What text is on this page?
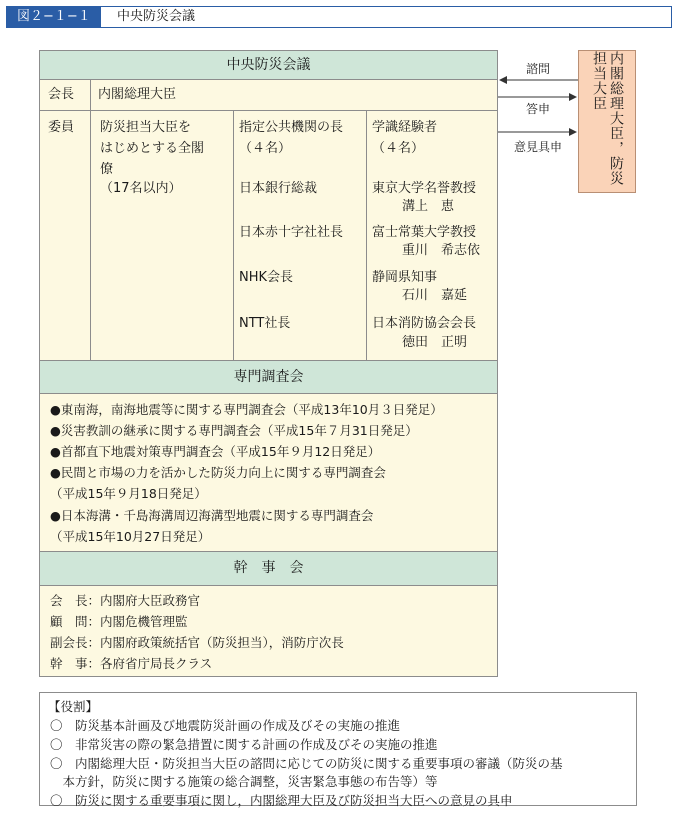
図２−１−１	中央防災会議
中央防災会議
会長 内閣総理大臣
委員 防災担当大臣を
はじめとする全閣
僚
（17名以内）
指定公共機関の長
（４名）
日本銀行総裁
日本赤十字社社長
NHK会長
NTT社長
学識経験者
（４名）
東京大学名誉教授
溝上　恵
富士常葉大学教授
重川　希志依
静岡県知事
石川　嘉延
日本消防協会会長
徳田　正明
専門調査会
●東南海，南海地震等に関する専門調査会（平成13年10月３日発足）
●災害教訓の継承に関する専門調査会（平成15年７月31日発足）
●首都直下地震対策専門調査会（平成15年９月12日発足）
●民間と市場の力を活かした防災力向上に関する専門調査会
（平成15年９月18日発足）
●日本海溝・千島海溝周辺海溝型地震に関する専門調査会
（平成15年10月27日発足）
幹　事　会
会　長：内閣府大臣政務官
顧　問：内閣危機管理監
副会長：内閣府政策統括官（防災担当），消防庁次長
幹　事：各府省庁局長クラス
諮問
答申
意見具申	内閣総理大臣，防災担当大臣
【役割】
〇　防災基本計画及び地震防災計画の作成及びその実施の推進
〇　非常災害の際の緊急措置に関する計画の作成及びその実施の推進
〇　内閣総理大臣・防災担当大臣の諮問に応じての防災に関する重要事項の審議（防災の基
　本方針，防災に関する施策の総合調整，災害緊急事態の布告等）等
〇　防災に関する重要事項に関し，内閣総理大臣及び防災担当大臣への意見の具申
